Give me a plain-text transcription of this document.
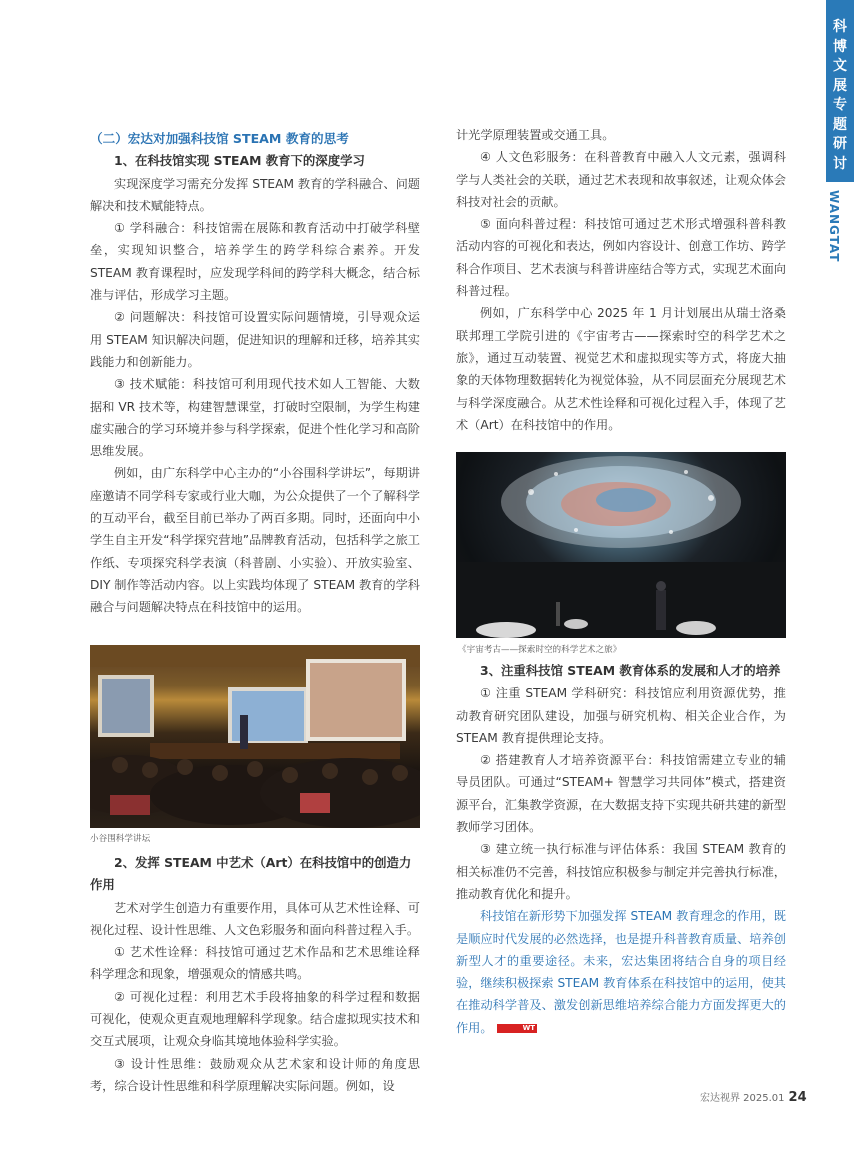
科
博
文
展
专
题
研
讨
WANGTAT

（二）宏达对加强科技馆 STEAM 教育的思考

1、在科技馆实现 STEAM 教育下的深度学习

实现深度学习需充分发挥 STEAM 教育的学科融合、问题解决和技术赋能特点。

① 学科融合：科技馆需在展陈和教育活动中打破学科壁垒，实现知识整合，培养学生的跨学科综合素养。开发 STEAM 教育课程时，应发现学科间的跨学科大概念，结合标准与评估，形成学习主题。

② 问题解决：科技馆可设置实际问题情境，引导观众运用 STEAM 知识解决问题，促进知识的理解和迁移，培养其实践能力和创新能力。

③ 技术赋能：科技馆可利用现代技术如人工智能、大数据和 VR 技术等，构建智慧课堂，打破时空限制，为学生构建虚实融合的学习环境并参与科学探索，促进个性化学习和高阶思维发展。

例如，由广东科学中心主办的“小谷围科学讲坛”，每期讲座邀请不同学科专家或行业大咖，为公众提供了一个了解科学的互动平台，截至目前已举办了两百多期。同时，还面向中小学生自主开发“科学探究营地”品牌教育活动，包括科学之旅工作纸、专项探究科学表演（科普剧、小实验）、开放实验室、DIY 制作等活动内容。以上实践均体现了 STEAM 教育的学科融合与问题解决特点在科技馆中的运用。

小谷围科学讲坛

2、发挥 STEAM 中艺术（Art）在科技馆中的创造力作用

艺术对学生创造力有重要作用，具体可从艺术性诠释、可视化过程、设计性思维、人文色彩服务和面向科普过程入手。

① 艺术性诠释：科技馆可通过艺术作品和艺术思维诠释科学理念和现象，增强观众的情感共鸣。

② 可视化过程：利用艺术手段将抽象的科学过程和数据可视化，使观众更直观地理解科学现象。结合虚拟现实技术和交互式展项，让观众身临其境地体验科学实验。

③ 设计性思维：鼓励观众从艺术家和设计师的角度思考，综合设计性思维和科学原理解决实际问题。例如，设

计光学原理装置或交通工具。

④ 人文色彩服务：在科普教育中融入人文元素，强调科学与人类社会的关联，通过艺术表现和故事叙述，让观众体会科技对社会的贡献。

⑤ 面向科普过程：科技馆可通过艺术形式增强科普科教活动内容的可视化和表达，例如内容设计、创意工作坊、跨学科合作项目、艺术表演与科普讲座结合等方式，实现艺术面向科普过程。

例如，广东科学中心 2025 年 1 月计划展出从瑞士洛桑联邦理工学院引进的《宇宙考古——探索时空的科学艺术之旅》，通过互动装置、视觉艺术和虚拟现实等方式，将庞大抽象的天体物理数据转化为视觉体验，从不同层面充分展现艺术与科学深度融合。从艺术性诠释和可视化过程入手，体现了艺术（Art）在科技馆中的作用。

《宇宙考古——探索时空的科学艺术之旅》

3、注重科技馆 STEAM 教育体系的发展和人才的培养

① 注重 STEAM 学科研究：科技馆应利用资源优势，推动教育研究团队建设，加强与研究机构、相关企业合作，为 STEAM 教育提供理论支持。

② 搭建教育人才培养资源平台：科技馆需建立专业的辅导员团队。可通过“STEAM+ 智慧学习共同体”模式，搭建资源平台，汇集教学资源，在大数据支持下实现共研共建的新型教师学习团体。

③ 建立统一执行标准与评估体系：我国 STEAM 教育的相关标准仍不完善，科技馆应积极参与制定并完善执行标准，推动教育优化和提升。

科技馆在新形势下加强发挥 STEAM 教育理念的作用，既是顺应时代发展的必然选择，也是提升科普教育质量、培养创新型人才的重要途径。未来，宏达集团将结合自身的项目经验，继续积极探索 STEAM 教育体系在科技馆中的运用，使其在推动科学普及、激发创新思维培养综合能力方面发挥更大的作用。	WT

宏达视界 2025.01 24
